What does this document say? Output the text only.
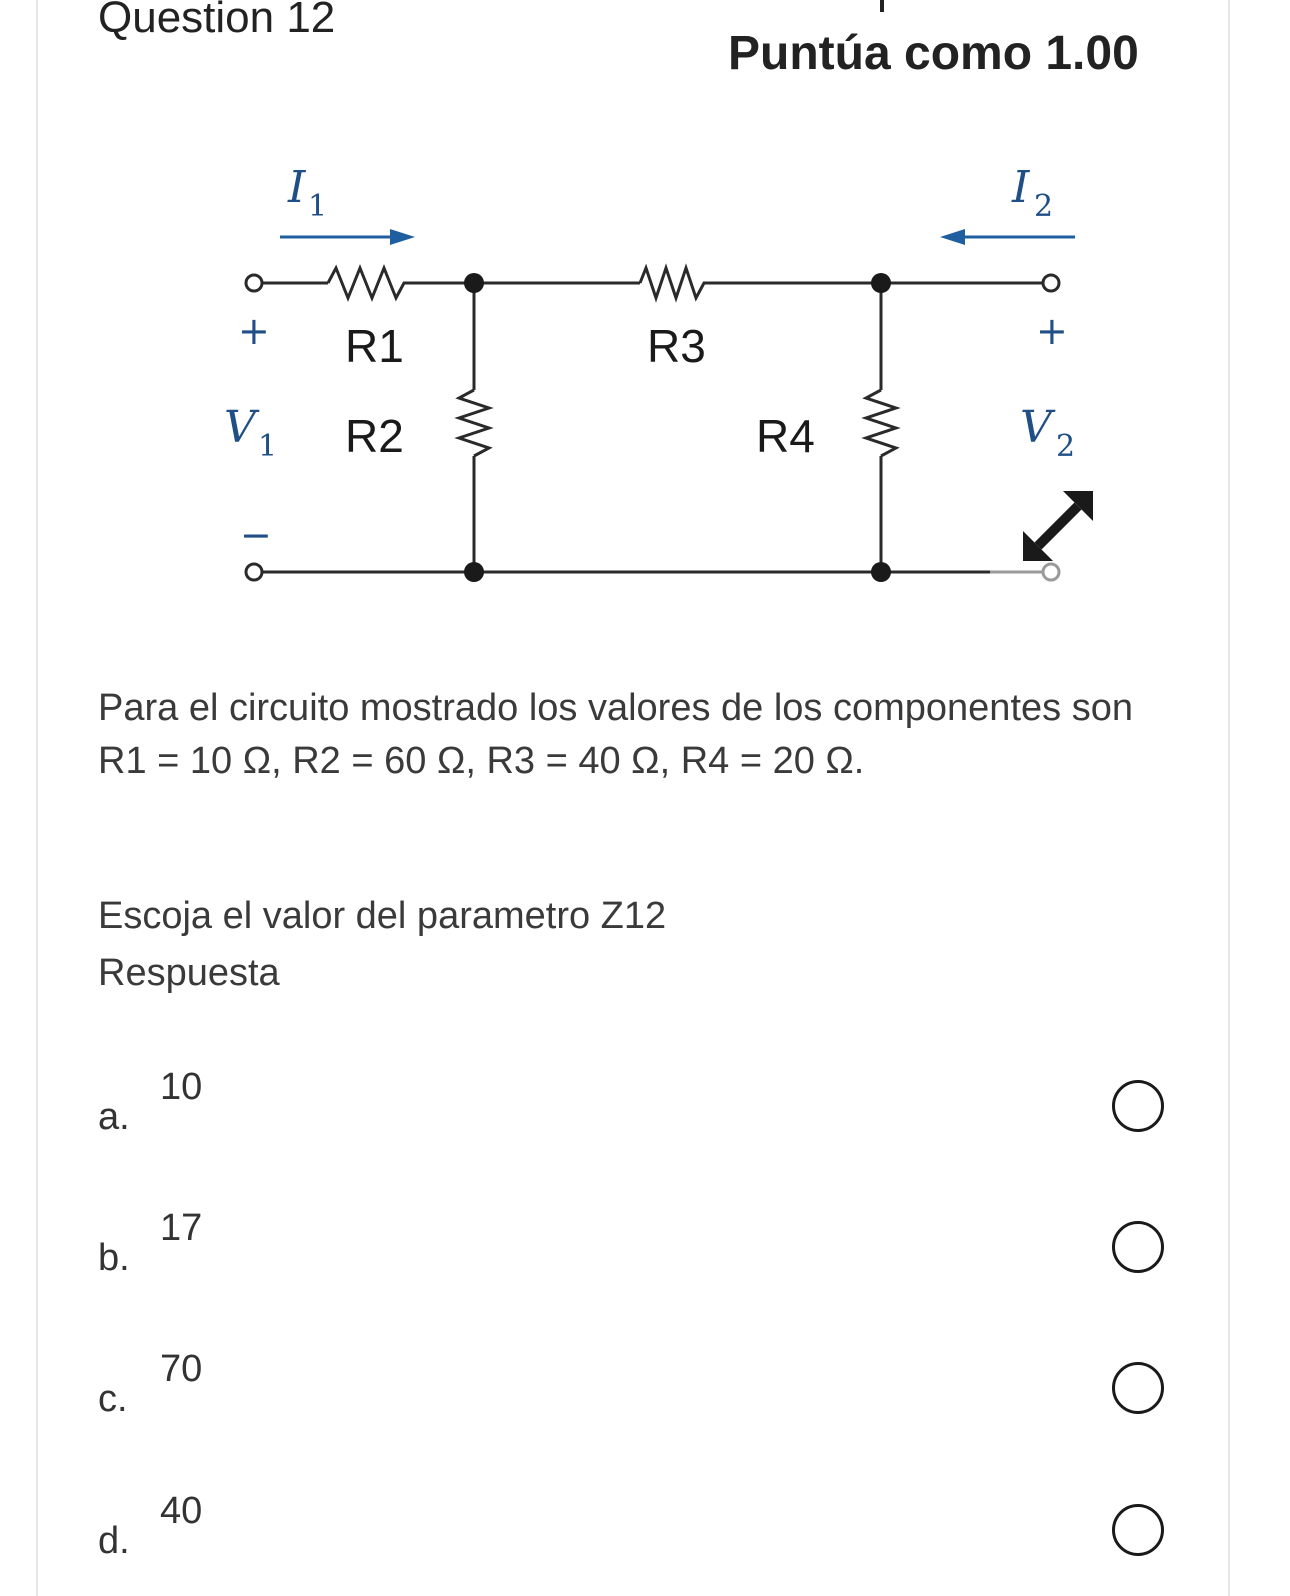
Question 12
Puntúa como 1.00
I 1	I 2
+
−
+
V 1	V 2
R1
R2
R3
R4
Para el circuito mostrado los valores de los componentes son R1 = 10 Ω, R2 = 60 Ω, R3 = 40 Ω, R4 = 20 Ω.
Escoja el valor del parametro Z12
Respuesta
a.
10
b.
17
c.
70
d.
40
